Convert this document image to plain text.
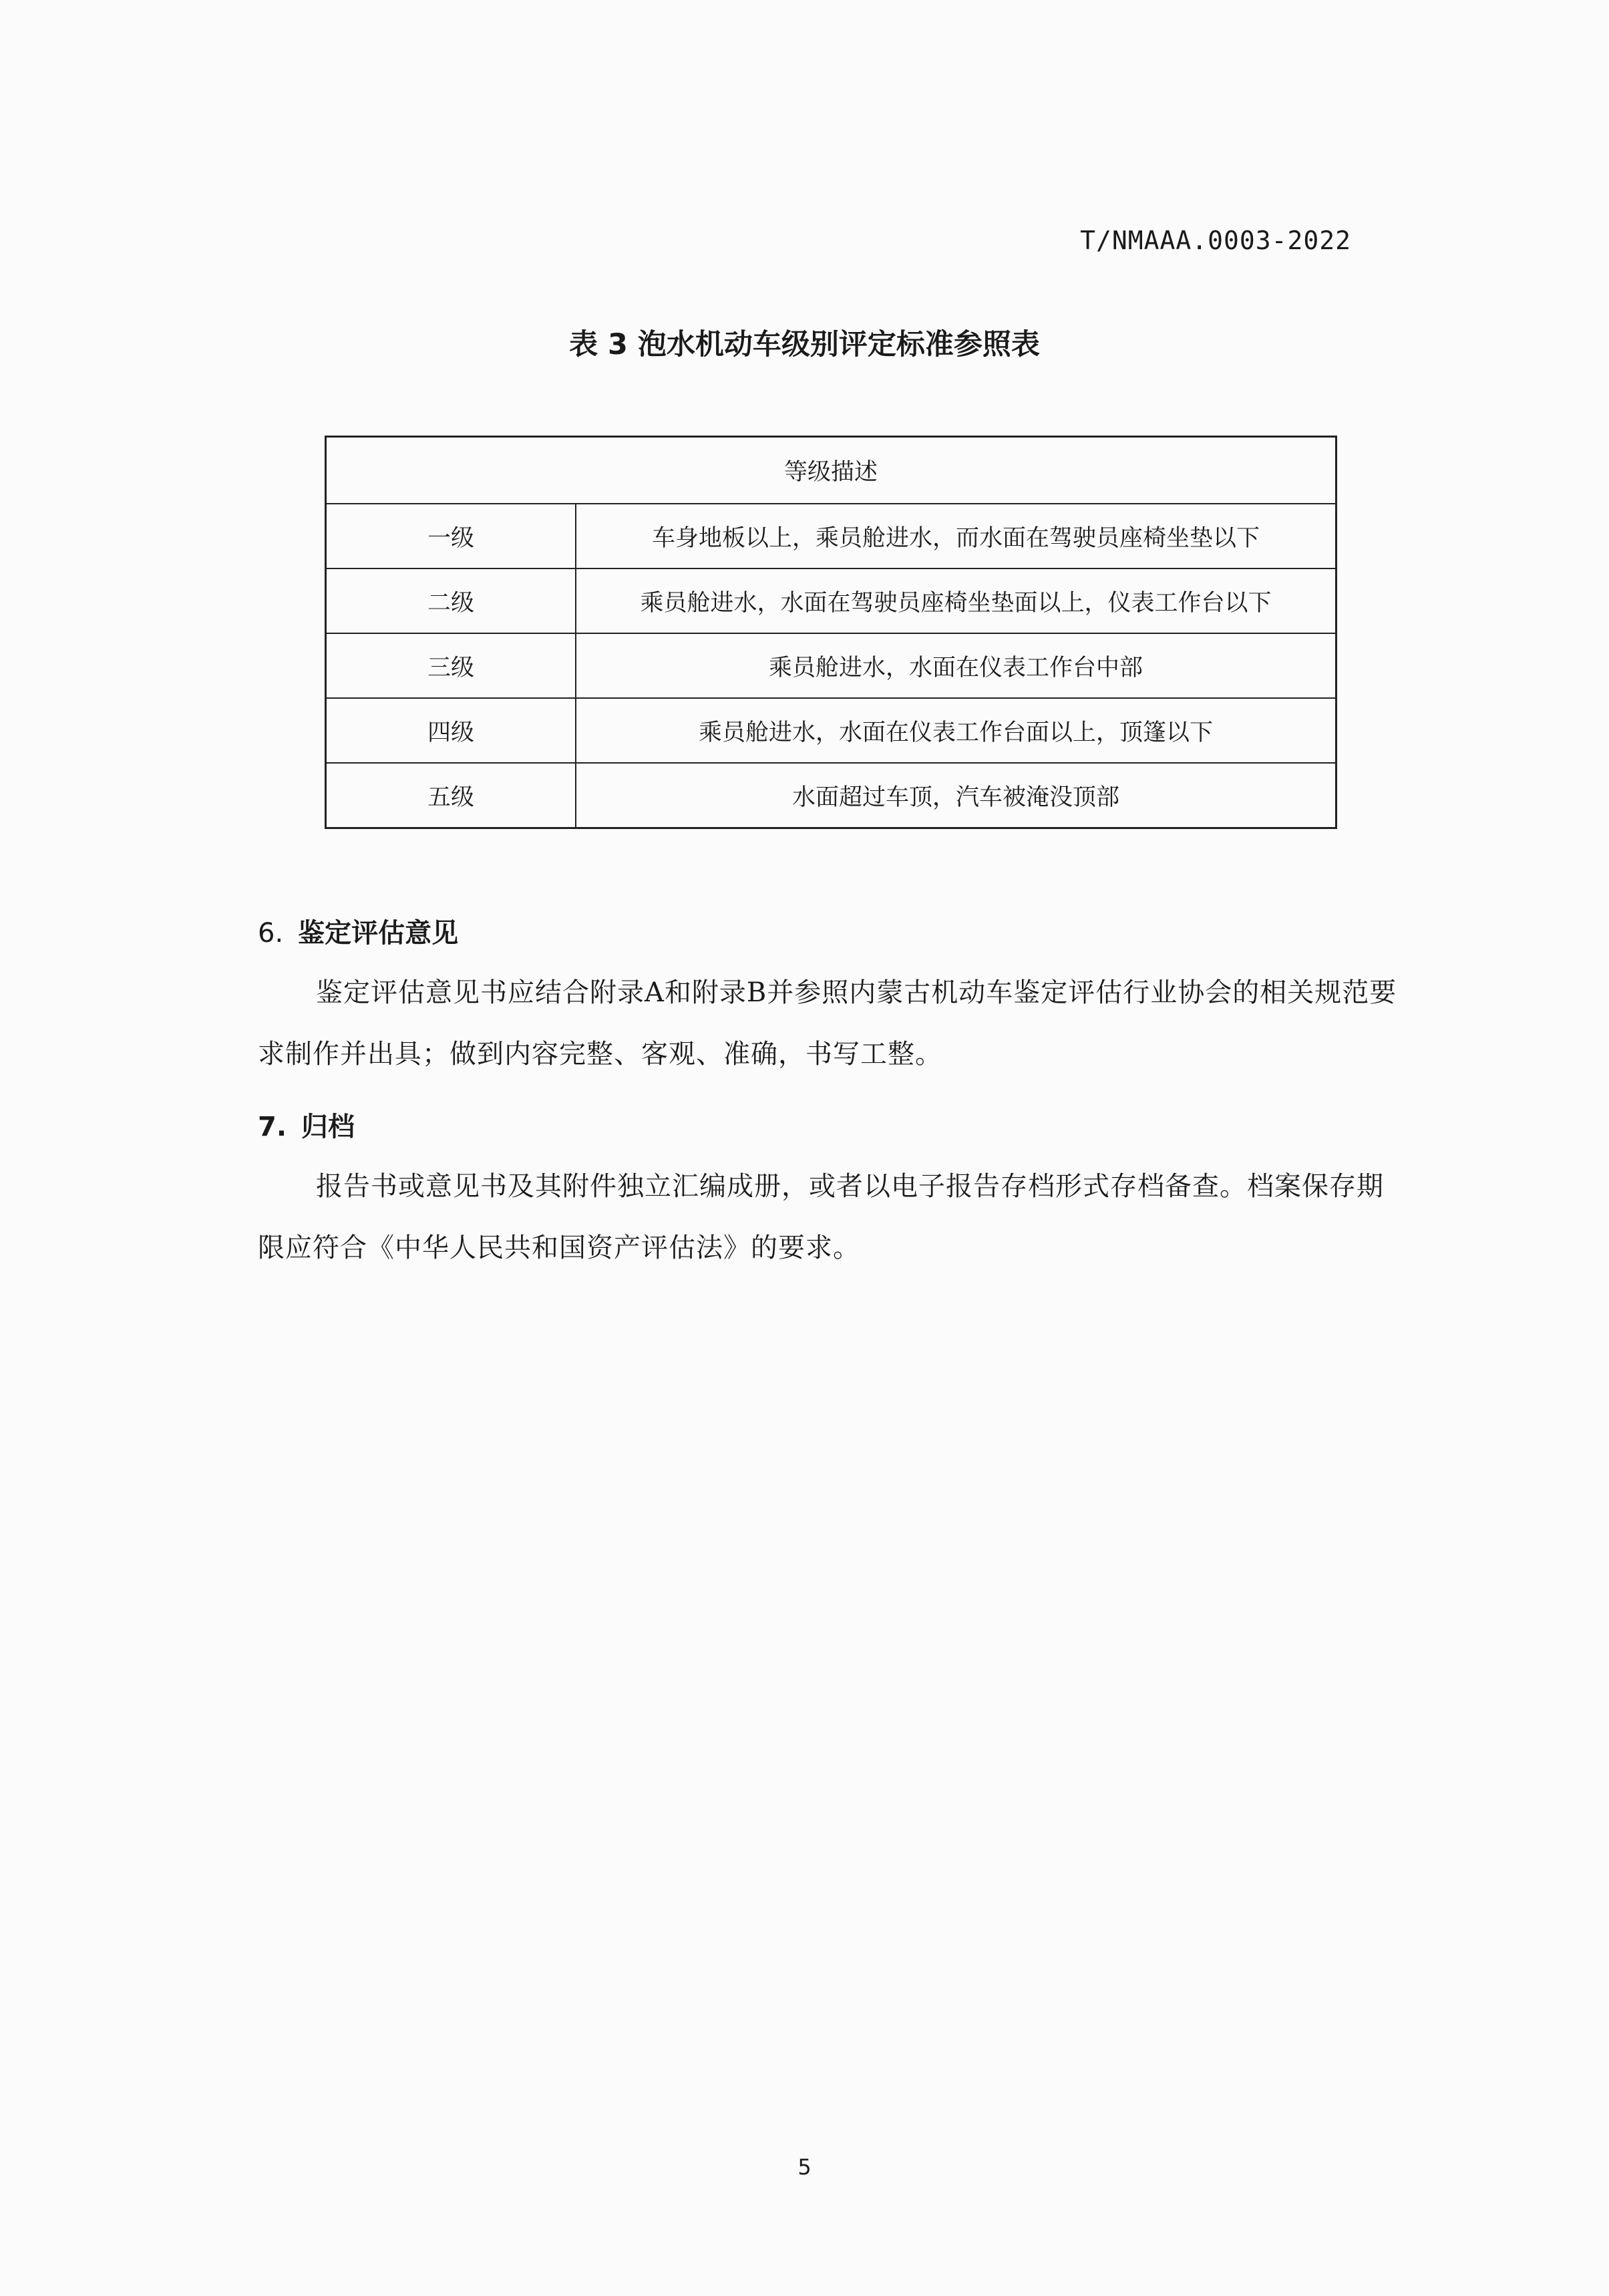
T/NMAAA.0003-2022
表 3 泡水机动车级别评定标准参照表
等级描述	
一级	车身地板以上，乘员舱进水，而水面在驾驶员座椅坐垫以下
二级	乘员舱进水，水面在驾驶员座椅坐垫面以上，仪表工作台以下
三级	乘员舱进水，水面在仪表工作台中部
四级	乘员舱进水，水面在仪表工作台面以上，顶篷以下
五级	水面超过车顶，汽车被淹没顶部
6. 鉴定评估意见
鉴定评估意见书应结合附录A和附录B并参照内蒙古机动车鉴定评估行业协会的相关规范要求制作并出具；做到内容完整、客观、准确，书写工整。
7. 归档
报告书或意见书及其附件独立汇编成册，或者以电子报告存档形式存档备查。档案保存期限应符合《中华人民共和国资产评估法》的要求。
5
